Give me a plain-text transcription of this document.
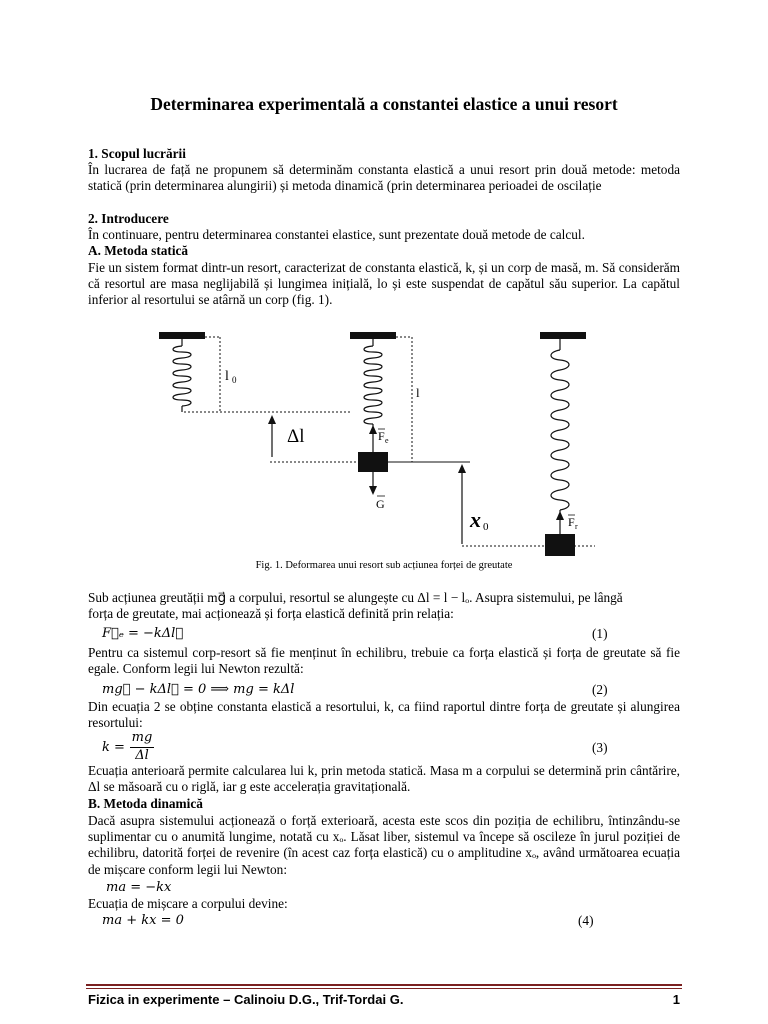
Determinarea experimentală a constantei elastice a unui resort
1. Scopul lucrării
În lucrarea de față ne propunem să determinăm constanta elastică a unui resort prin două metode: metoda statică (prin determinarea alungirii) și metoda dinamică (prin determinarea perioadei de oscilație
2. Introducere
În continuare, pentru determinarea constantei elastice, sunt prezentate două metode de calcul.
A. Metoda statică
Fie un sistem format dintr-un resort, caracterizat de constanta elastică, k, și un corp de masă, m. Să considerăm că resortul are masa neglijabilă și lungimea inițială, lo și este suspendat de capătul său superior. La capătul inferior al resortului se atârnă un corp (fig. 1).
l 0
Δl	F e
G
l
x 0	F r
Fig. 1. Deformarea unui resort sub acțiunea forței de greutate
Sub acțiunea greutății mg⃗ a corpului, resortul se alungește cu Δl = l − lₒ. Asupra sistemului, pe lângă
forța de greutate, mai acționează și forța elastică definită prin relația:
F⃗ₑ = −kΔl⃗	(1)
Pentru ca sistemul corp-resort să fie menținut în echilibru, trebuie ca forța elastică și forța de greutate să fie egale. Conform legii lui Newton rezultă:
mg⃗ − kΔl⃗ = 0 ⟹ mg = kΔl	(2)
Din ecuația 2 se obține constanta elastică a resortului, k, ca fiind raportul dintre forța de greutate și alungirea resortului:
k =
mg
Δl
(3)
Ecuația anterioară permite calcularea lui k, prin metoda statică. Masa m a corpului se determină prin cântărire, Δl se măsoară cu o riglă, iar g este accelerația gravitațională.
B. Metoda dinamică
Dacă asupra sistemului acționează o forță exterioară, acesta este scos din poziția de echilibru, întinzându-se suplimentar cu o anumită lungime, notată cu xₒ. Lăsat liber, sistemul va începe să oscileze în jurul poziției de echilibru, datorită forței de revenire (în acest caz forța elastică) cu o amplitudine xₒ, având următoarea ecuația de mișcare conform legii lui Newton:
ma = −kx
Ecuația de mișcare a corpului devine:
ma + kx = 0	(4)
Fizica in experimente – Calinoiu D.G., Trif-Tordai G.	1
